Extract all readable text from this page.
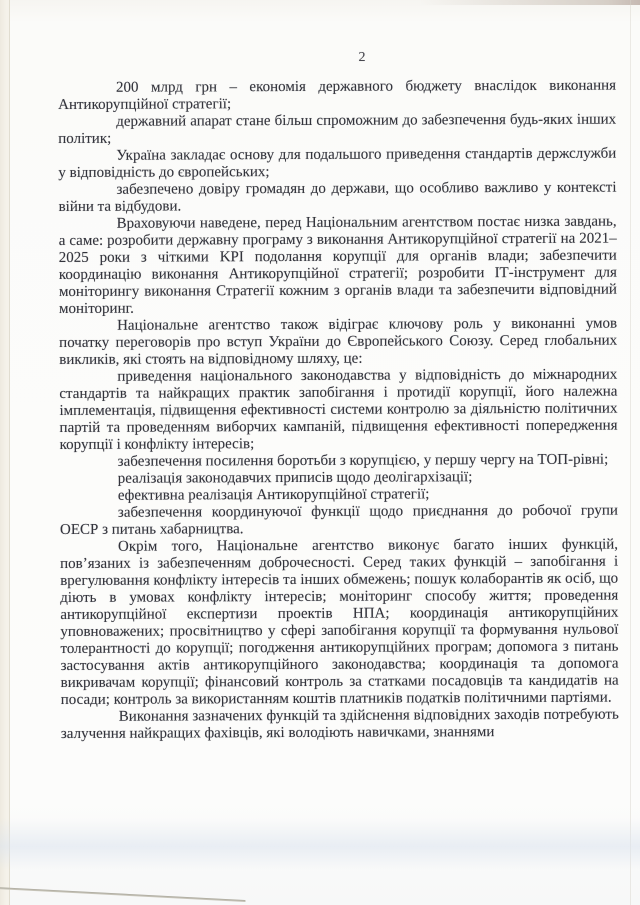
2

200 млрд грн – економія державного бюджету внаслідок виконання Антикорупційної стратегії;

державний апарат стане більш спроможним до забезпечення будь-яких інших політик;

Україна закладає основу для подальшого приведення стандартів держслужби у відповідність до європейських;

забезпечено довіру громадян до держави, що особливо важливо у контексті війни та відбудови.

Враховуючи наведене, перед Національним агентством постає низка завдань, а саме: розробити державну програму з виконання Антикорупційної стратегії на 2021–2025 роки з чіткими KPI подолання корупції для органів влади; забезпечити координацію виконання Антикорупційної стратегії; розробити ІТ-інструмент для моніторингу виконання Стратегії кожним з органів влади та забезпечити відповідний моніторинг.

Національне агентство також відіграє ключову роль у виконанні умов початку переговорів про вступ України до Європейського Союзу. Серед глобальних викликів, які стоять на відповідному шляху, це:

приведення національного законодавства у відповідність до міжнародних стандартів та найкращих практик запобігання і протидії корупції, його належна імплементація, підвищення ефективності системи контролю за діяльністю політичних партій та проведенням виборчих кампаній, підвищення ефективності попередження корупції і конфлікту інтересів;

забезпечення посилення боротьби з корупцією, у першу чергу на ТОП-рівні;

реалізація законодавчих приписів щодо деолігархізації;

ефективна реалізація Антикорупційної стратегії;

забезпечення координуючої функції щодо приєднання до робочої групи ОЕСР з питань хабарництва.

Окрім того, Національне агентство виконує багато інших функцій, пов’язаних із забезпеченням доброчесності. Серед таких функцій – запобігання і врегулювання конфлікту інтересів та інших обмежень; пошук колаборантів як осіб, що діють в умовах конфлікту інтересів; моніторинг способу життя; проведення антикорупційної експертизи проектів НПА; координація антикорупційних уповноважених; просвітництво у сфері запобігання корупції та формування нульової толерантності до корупції; погодження антикорупційних програм; допомога з питань застосування актів антикорупційного законодавства; координація та допомога викривачам корупції; фінансовий контроль за статками посадовців та кандидатів на посади; контроль за використанням коштів платників податків політичними партіями.

Виконання зазначених функцій та здійснення відповідних заходів потребують залучення найкращих фахівців, які володіють навичками, знаннями
